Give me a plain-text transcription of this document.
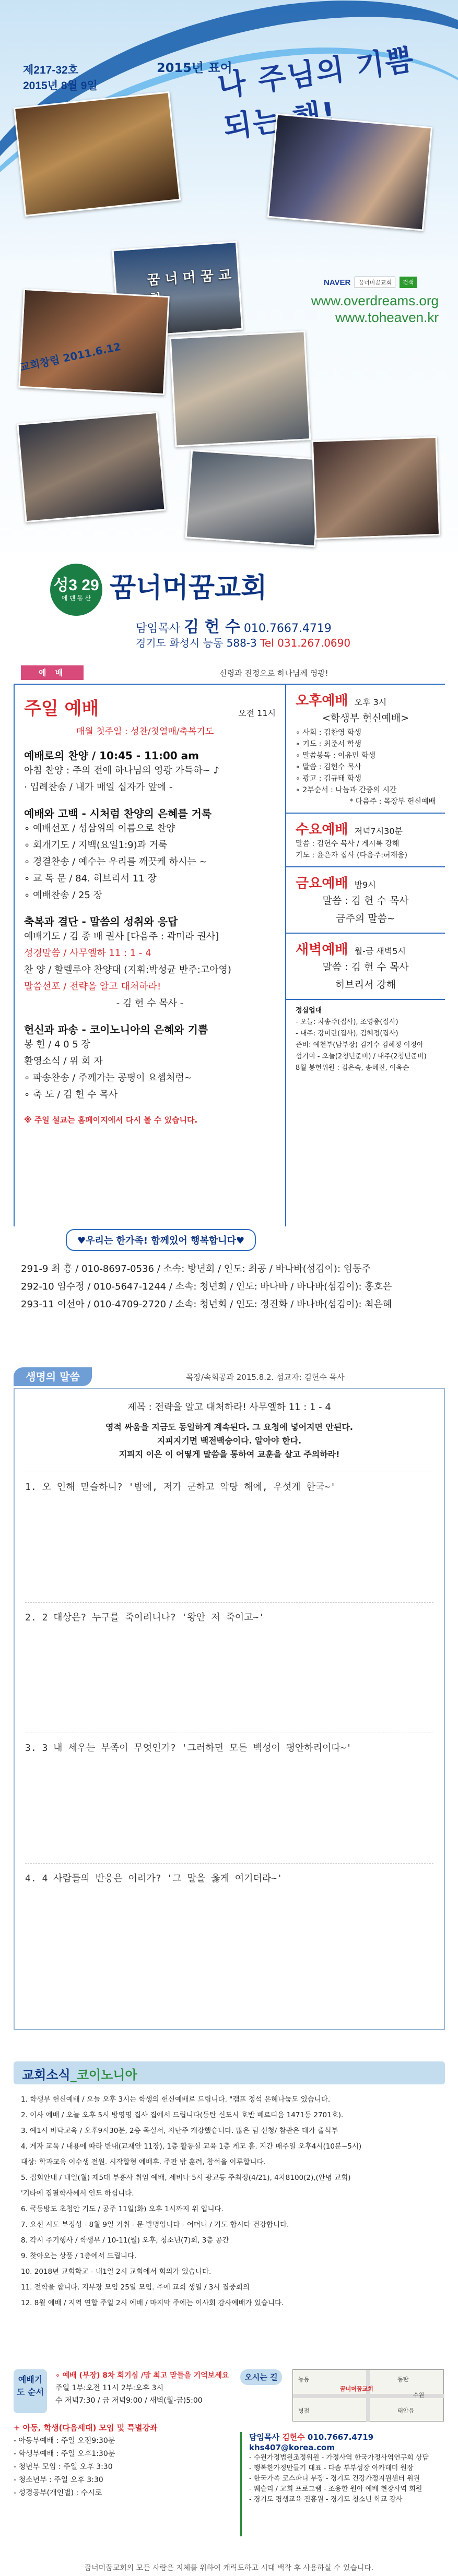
제217-32호
2015년 8월 9일
2015년 표어
나 주님의 기쁨 되는 해!
꿈 너 머 꿈 교
교회창립 2011.6.12
NAVER	꿈너머꿈교회	검색
www.overdreams.org
www.toheaven.kr
성3 29
에 덴 동 산 꿈너머꿈교회
담임목사 김 헌 수 010.7667.4719
경기도 화성시 능동 588-3 Tel 031.267.0690
예 배	신령과 진정으로 하나님께 영광!
주일 예배	오전 11시
매월 첫주일 : 성찬/첫열매/축복기도
예배로의 찬양 / 10:45 - 11:00 am
아침 찬양 : 주의 전에 하나님의 영광 가득하~ ♪
· 입례찬송 / 내가 매일 십자가 앞에 -
예배와 고백 - 시처럼 찬양의 은혜를 거룩
∘ 예배선포 / 성삼위의 이름으로 찬양
∘ 회개기도 / 지백(요일1:9)과 거룩
∘ 경결찬송 / 예수는 우리를 깨끗케 하시는 ~
∘ 교 독 문 / 84. 히브리서 11 장
∘ 예배찬송 / 25 장
축복과 결단 - 말씀의 성취와 응답
예배기도 / 김 종 배 권사 [다음주 : 곽미라 권사]
성경말씀 / 사무엘하 11 : 1 - 4
찬 양 / 할렐루야 찬양대 (지휘:박성균 반주:고아영)
말씀선포 / 전략을 알고 대처하라!
- 김 헌 수 목사 -
헌신과 파송 - 코이노니아의 은혜와 기쁨
봉 헌 / 4 0 5 장
환영소식 / 위 회 자
∘ 파송찬송 / 주께가는 공평이 요셉처럼~
∘ 축 도 / 김 헌 수 목사
※ 주일 설교는 홈페이지에서 다시 볼 수 있습니다.
오후예배 오후 3시
<학생부 헌신예배>
∘ 사회 : 김찬영 학생
∘ 기도 : 최준서 학생
∘ 말씀봉독 : 이유민 학생
∘ 말씀 : 김헌수 목사
∘ 광고 : 김규태 학생
∘ 2부순서 : 나눔과 간증의 시간
* 다음주 : 목장부 헌신예배
수요예배 저녁7시30분
말씀 : 김헌수 목사 / 게시록 강해
기도 : 윤은자 집사 (다음주:허재웅)
금요예배 밤9시
말씀 : 김 헌 수 목사
금주의 말씀~
새벽예배 월-금 새벽5시
말씀 : 김 헌 수 목사
히브리서 강해
정십업대
- 오늘: 차송주(집사), 조영총(집사)
- 내주: 강미란(집사), 김혜정(집사)
준비: 예천부(남부장) 김기수 김혜정 이정아
섬기미 - 오늘(2청년준비) / 내주(2청년준비)
8월 봉헌위원 : 김은숙, 송혜진, 이옥순
♥우리는 한가족! 함께있어 행복합니다♥
291-9 최 흥 / 010-8697-0536 / 소속: 방년회 / 인도: 최공 / 바나바(섬김이): 임동주
292-10 임수정 / 010-5647-1244 / 소속: 청년회 / 인도: 바나바 / 바나바(섬김이): 홍호은
293-11 이선아 / 010-4709-2720 / 소속: 청년회 / 인도: 정진화 / 바나바(섬김이): 최은혜
생명의 말씀	목장/속회공과 2015.8.2. 섬교자: 김헌수 목사
제목 : 전략을 알고 대처하라! 사무엘하 11 : 1 - 4
영적 싸움을 지금도 동일하게 계속된다. 그 요청에 넣어지면 안된다.
지피지기면 백전백승이다. 알아야 한다.
지피지 이은 이 어떻게 말씀을 통하여 교훈을 살고 주의하라!
1. 오 인해 맏슬하니? '밤에, 저가 군하고 악탕 해에, 우섯게 한국~'
2. 2 대상은? 누구를 죽이려니나? '왕안 저 죽이고~'
3. 3 내 세우는 부족이 무엇인가? '그러하면 모든 백성이 평안하리이다~'
4. 4 사람들의 반응은 어려가? '그 말을 옳게 여기더라~'
교회소식_코이노니아
1. 학생부 헌신예배 / 오늘 오후 3시는 학생의 헌신예배로 드립니다. "캠프 정석 은혜나눔도 있습니다.
2. 이사 예배 / 오늘 오후 5시 방영명 집사 집에서 드립니다(동탄 신도시 호반 베르디움 1471동 2701호).
3. 예1시 바닥교육 / 오후9시30분, 2층 목실서, 지난주 개강했습니다. 많은 팀 신청/ 참관은 대가 출석부
4. 게자 교육 / 내용에 따라 반내(교재안 11장), 1층 활동실 교육 1층 게모 홈. 지간 매주일 오후4시(10분~5시)
대상: 학과교육 이수생 전원. 시작합형 예배후. 주판 밖 훈려, 참석을 이루합니다.
5. 집회안내 / 내일(월) 제5대 부흥사 취임 예배, 세비나 5시 광교등 주최정(4/21), 4차8100(2),(안녕 교회)
'기타에 집필학사께서 인도 하십니다.
6. 국동방도 초청안 기도 / 공주 11일(화) 오후 1시까지 위 입니다.
7. 요선 시도 부정성 - 8월 9일 거취 - 문 발명입니다 - 어머니 / 기도 합시다 건강합니다.
8. 각시 주기행사 / 학생부 / 10-11(월) 오후, 청소년(7)회, 3층 공간
9. 찾아오는 상품 / 1층에서 드립니다.
10. 2018년 교회학교 - 내1일 2시 교회에서 회의가 있습니다.
11. 전학을 합니다. 지부장 모임 25일 모임. 주에 교회 생일 / 3시 집중회의
12. 8월 예배 / 지역 연합 주일 2시 예배 / 마지막 주에는 이사회 감사예배가 있습니다.
예배기도 순서
∘ 예배 (부장) 8차 회기심 /맘 최고 맏들을 기억보세요
주일 1부:오전 11시 2부:오후 3시
수 저녁7:30 / 금 저녁9:00 / 새벽(월-금)5:00
+ 아동, 학생(다음세대) 모임 및 특별강좌
- 아동부예배 : 주일 오전9:30분
- 학생부예배 : 주일 오후1:30분
- 청년부 모임 : 주일 오후 3:30
- 청소년부 : 주일 오후 3:30
- 성경공부(개인별) : 수시로
오시는 길	능동	동탄
병점	태안읍
꿈너머꿈교회
수원
담임목사 김헌수 010.7667.4719 khs407@korea.com
- 수원가정법원조정위원 - 가정사역 한국가정사역연구회 상담
- 행복한가정만들기 대표 - 다솜 부부성장 아카데미 원장
- 한국가족 코스파니 부장 - 경기도 건강가정지원센터 위원
- 웨슬리 / 교회 프로그램 - 조용한 원아 예배 현장사역 회원
- 경기도 평생교육 진흥원 - 경기도 청소년 학교 강사
꿈너머꿈교회의 모든 사람은 지체를 위하여 캐릭도하고 시대 백작 후 사용하실 수 있습니다.
